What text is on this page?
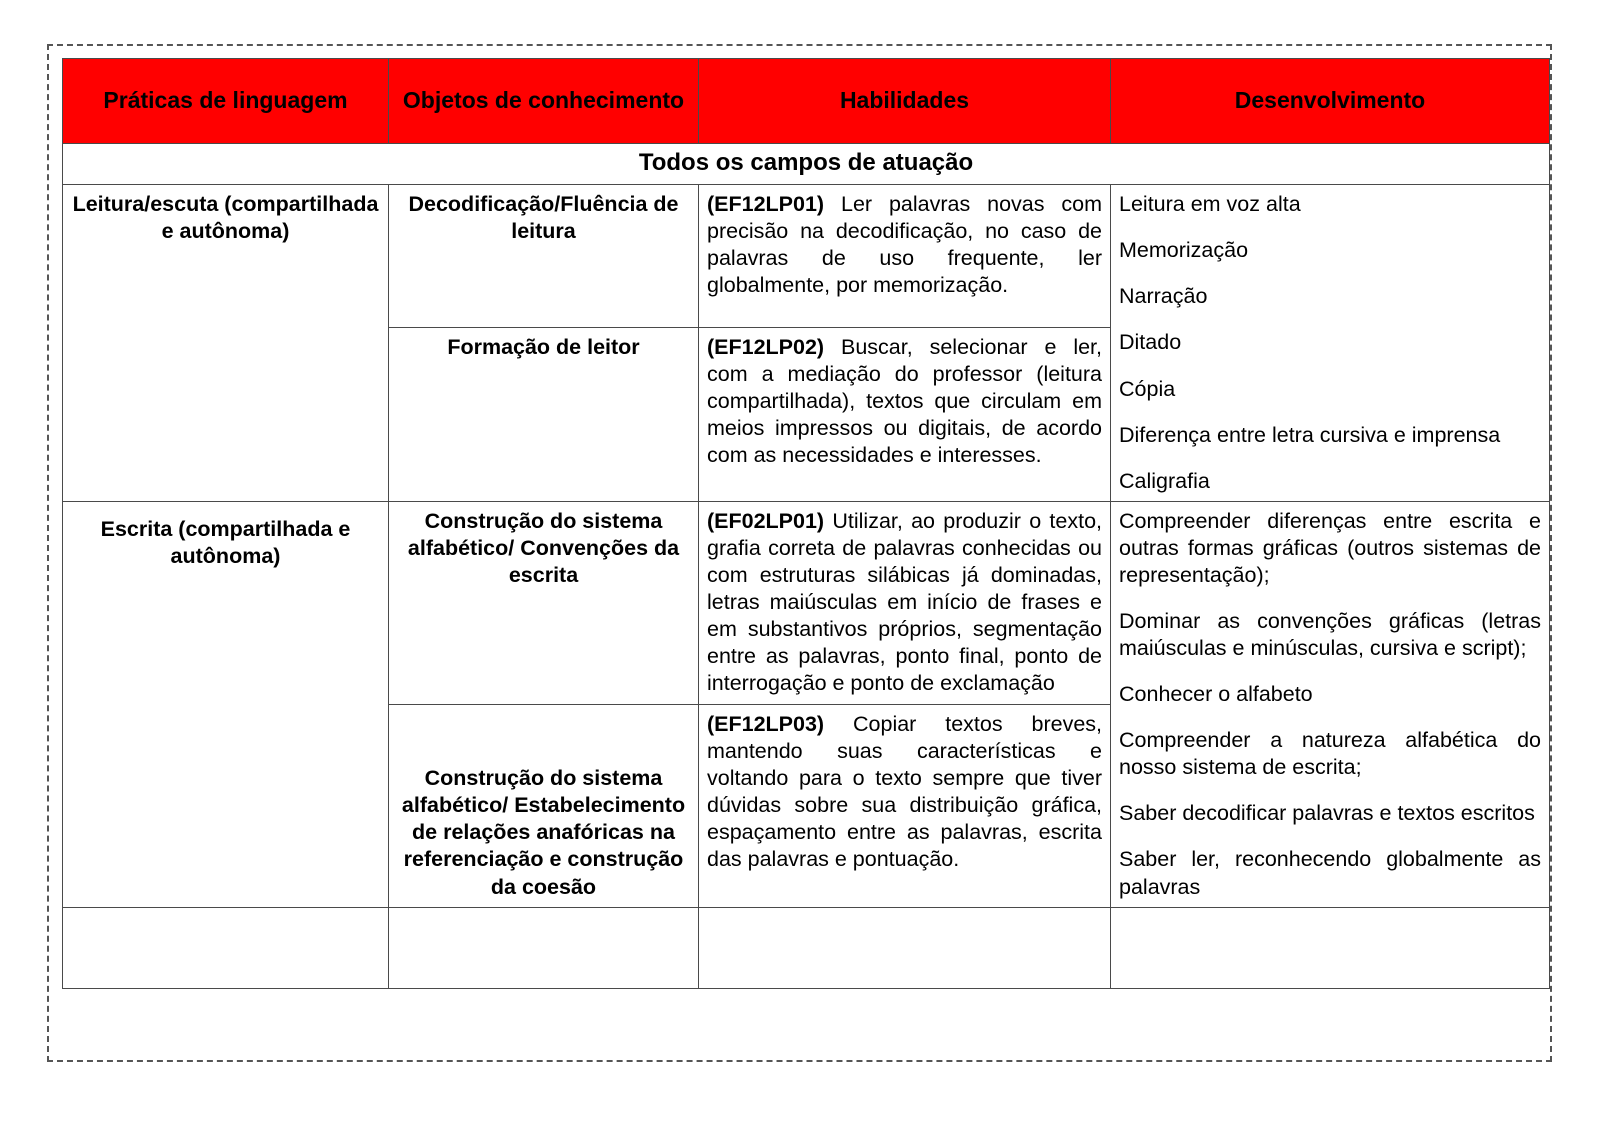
Práticas de linguagem	Objetos de conhecimento	Habilidades	Desenvolvimento
Todos os campos de atuação			
Leitura/escuta (compartilhada e autônoma)	Decodificação/Fluência de leitura	(EF12LP01) Ler palavras novas com precisão na decodificação, no caso de palavras de uso frequente, ler globalmente, por memorização.	

Leitura em voz alta

Memorização

Narração

Ditado

Cópia

Diferença entre letra cursiva e imprensa

Caligrafia

	Formação de leitor	(EF12LP02) Buscar, selecionar e ler, com a mediação do professor (leitura compartilhada), textos que circulam em meios impressos ou digitais, de acordo com as necessidades e interesses.	
Escrita (compartilhada e autônoma)	Construção do sistema alfabético/ Convenções da escrita	(EF02LP01) Utilizar, ao produzir o texto, grafia correta de palavras conhecidas ou com estruturas silábicas já dominadas, letras maiúsculas em início de frases e em substantivos próprios, segmentação entre as palavras, ponto final, ponto de interrogação e ponto de exclamação	

Compreender diferenças entre escrita e outras formas gráficas (outros sistemas de representação);

Dominar as convenções gráficas (letras maiúsculas e minúsculas, cursiva e script);

Conhecer o alfabeto

Compreender a natureza alfabética do nosso sistema de escrita;

Saber decodificar palavras e textos escritos

Saber ler, reconhecendo globalmente as palavras

	Construção do sistema alfabético/ Estabelecimento de relações anafóricas na referenciação e construção da coesão	(EF12LP03) Copiar textos breves, mantendo suas características e voltando para o texto sempre que tiver dúvidas sobre sua distribuição gráfica, espaçamento entre as palavras, escrita das palavras e pontuação.	
